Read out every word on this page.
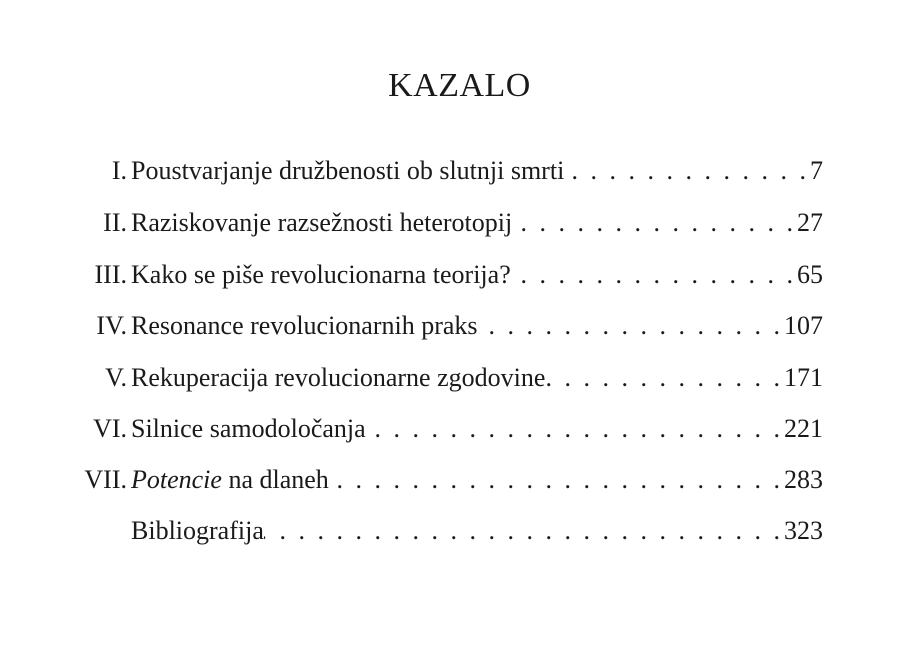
KAZALO
I. Poustvarjanje družbenosti ob slutnji smrti . . .	7
II. Raziskovanje razsežnosti heterotopij . . .	27
III. Kako se piše revolucionarna teorija? . . .	65
IV. Resonance revolucionarnih praks . . .	107
V. Rekuperacija revolucionarne zgodovine . . .	171
VI. Silnice samodoločanja . . .	221
VII. Potencie na dlaneh . . .	283
Bibliografija . . .	323
